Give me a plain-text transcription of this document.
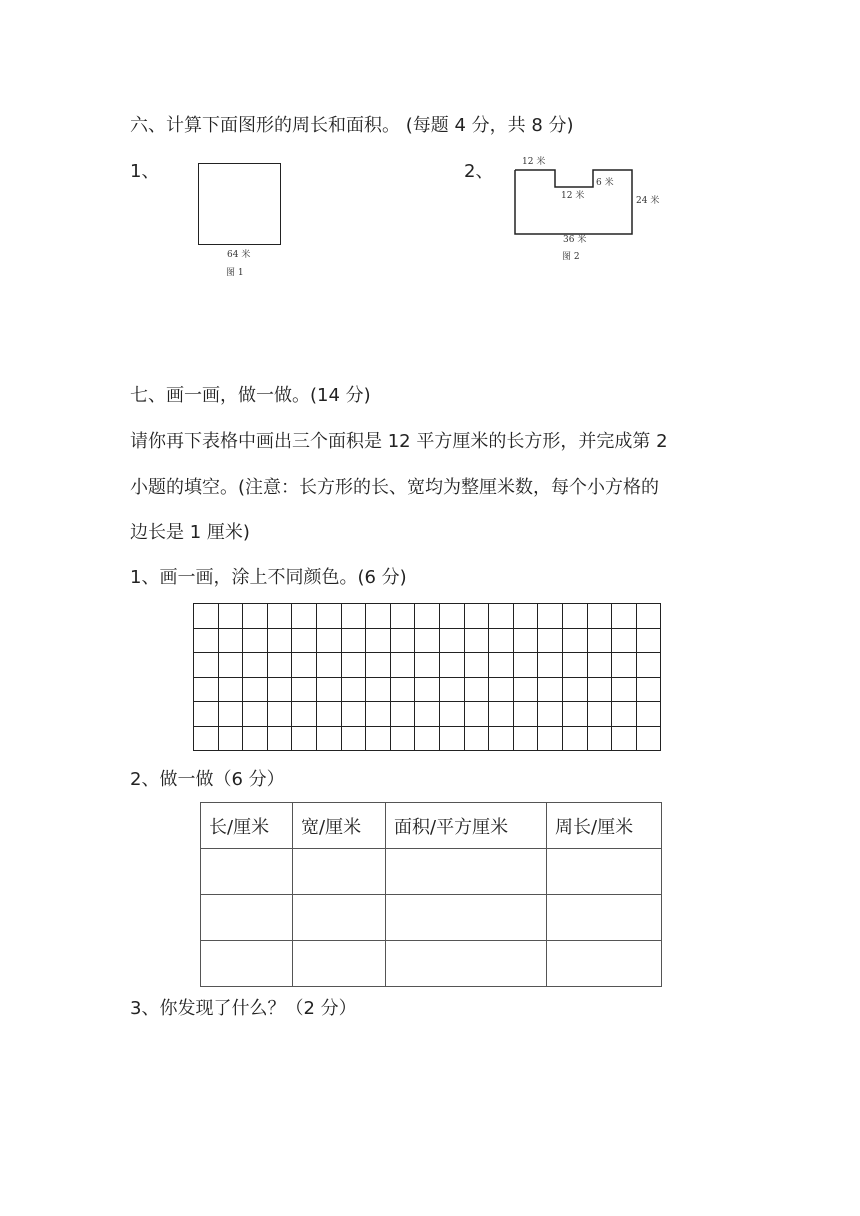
六、计算下面图形的周长和面积。 (每题 4 分，共 8 分)
1、
64 米
图 1
2、	12 米
12 米
6 米
24 米
36 米
图 2
七、画一画，做一做。(14 分)
请你再下表格中画出三个面积是 12 平方厘米的长方形，并完成第 2
小题的填空。(注意：长方形的长、宽均为整厘米数，每个小方格的
边长是 1 厘米)
1、画一画，涂上不同颜色。(6 分)

2、做一做（6 分）
长/厘米	宽/厘米	面积/平方厘米	周长/厘米

3、你发现了什么？（2 分）
